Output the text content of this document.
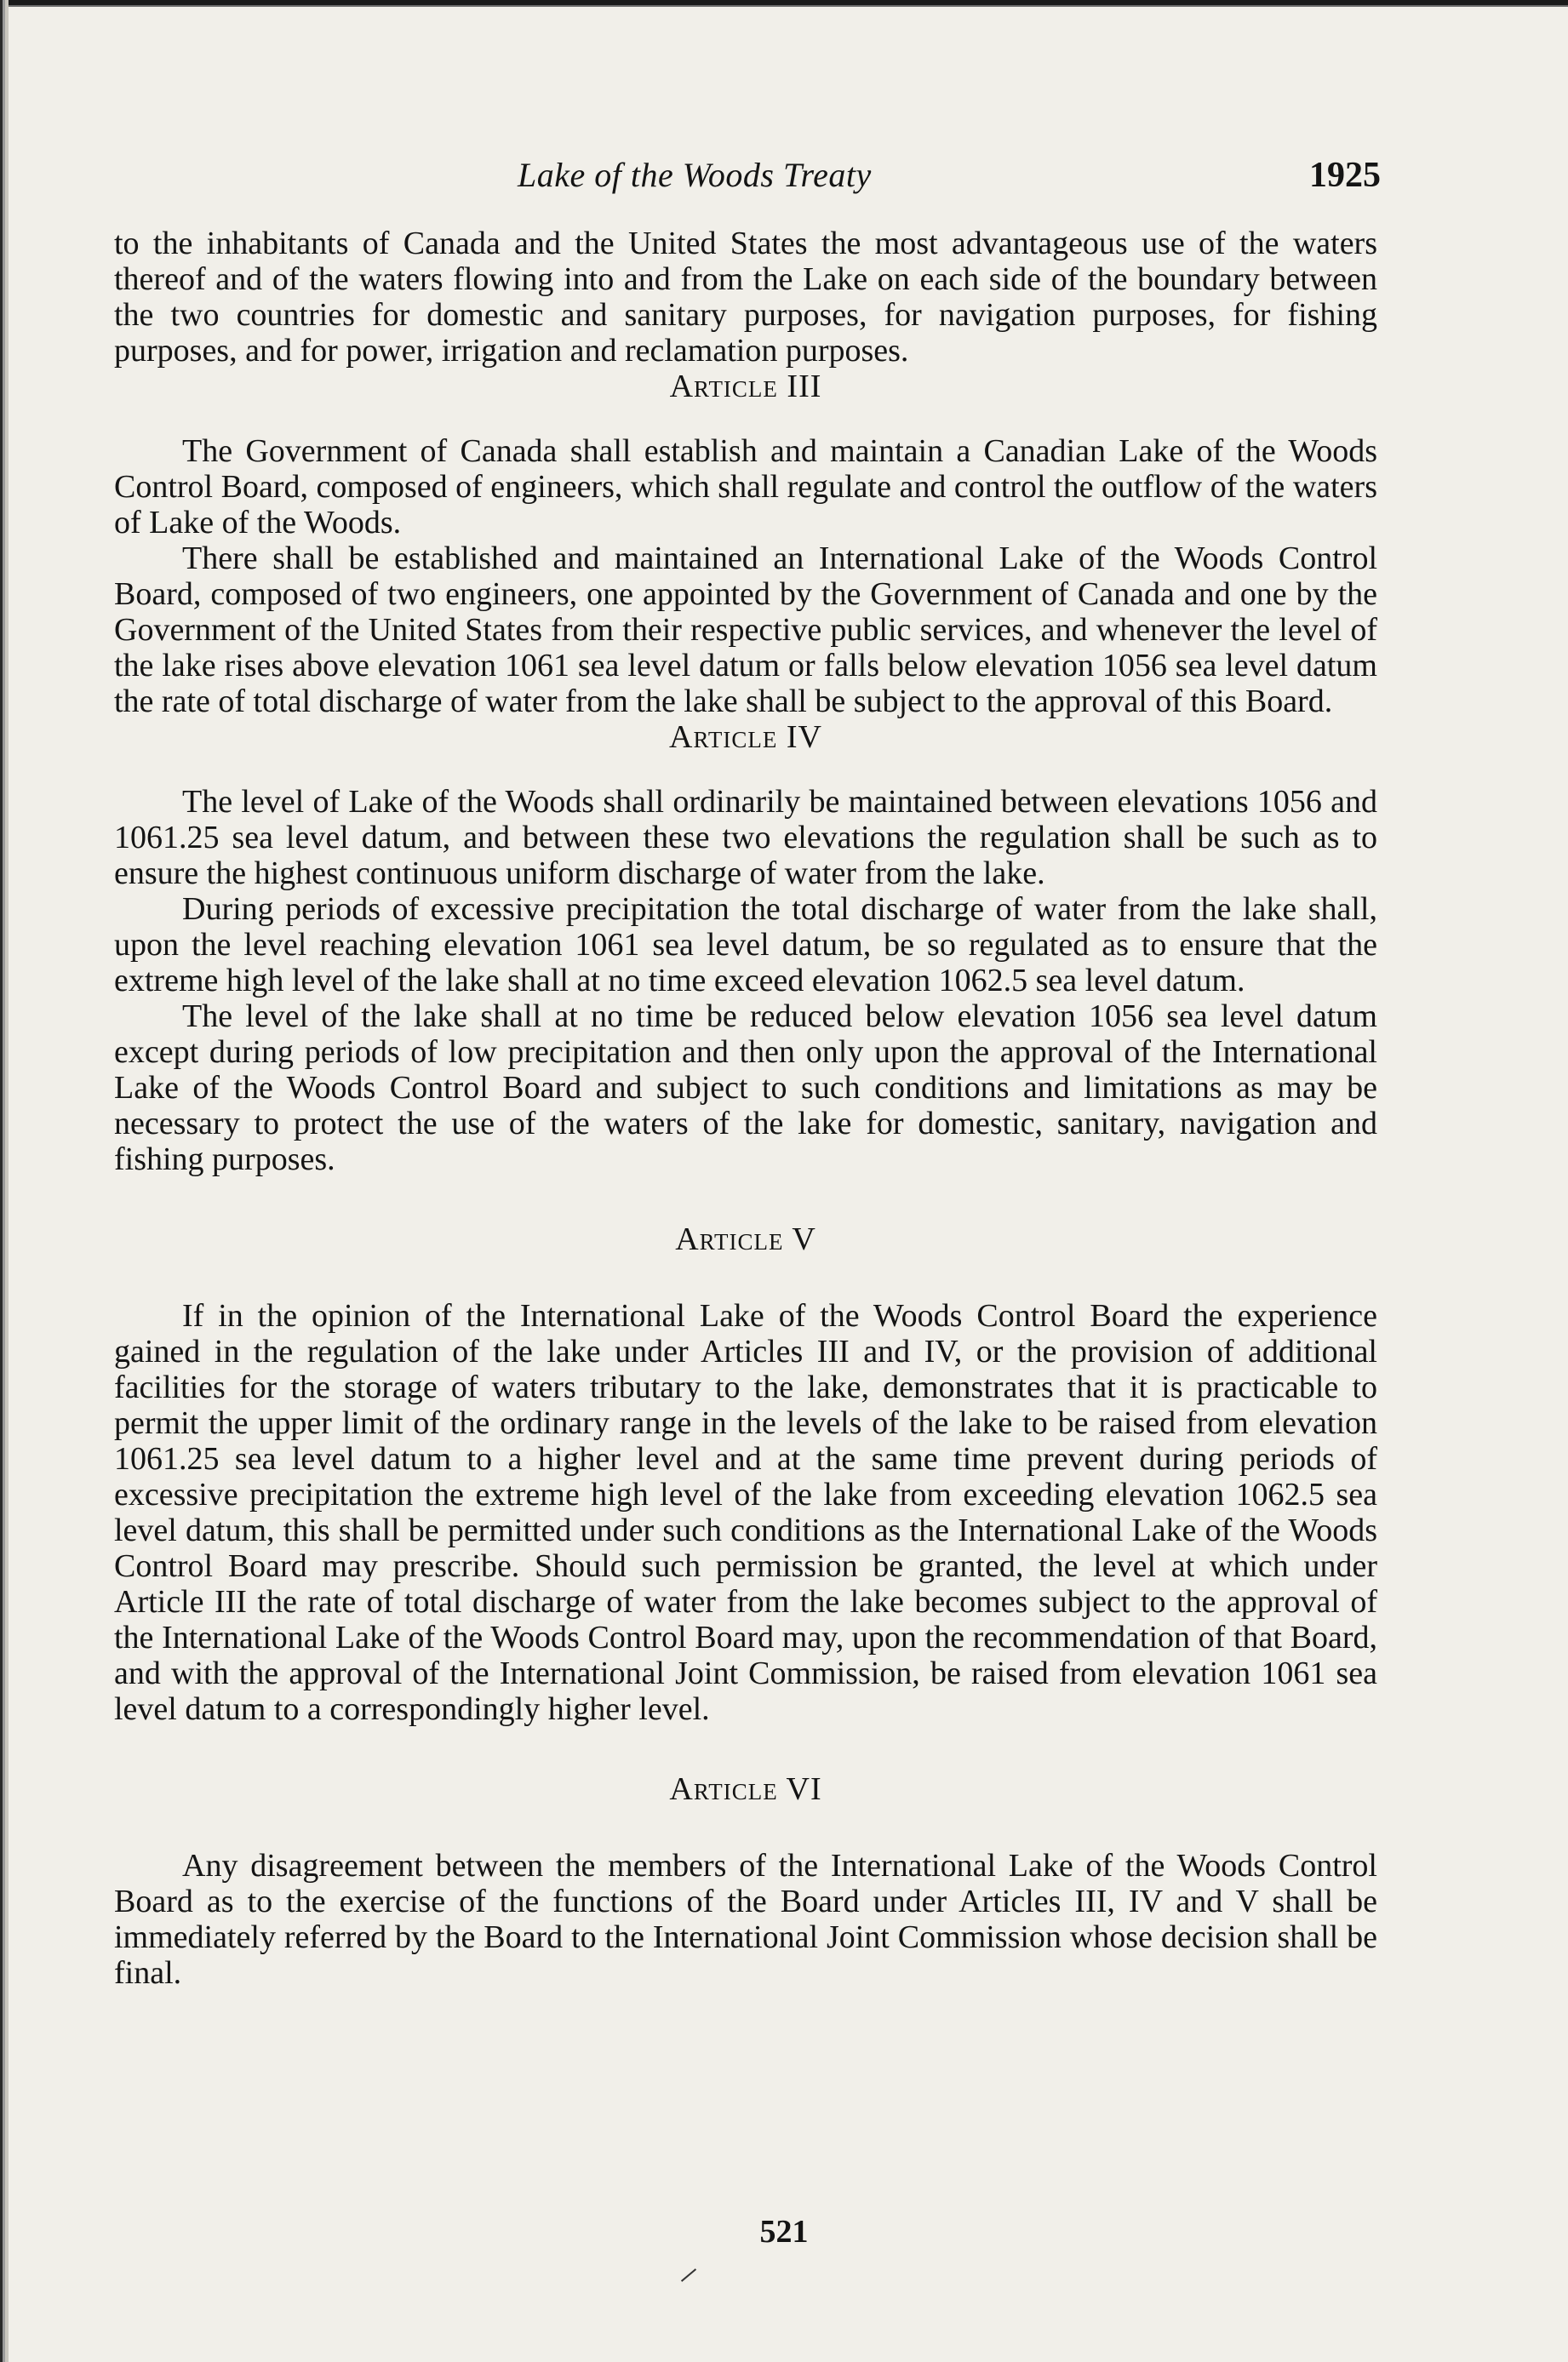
Lake of the Woods Treaty	1925

to the inhabitants of Canada and the United States the most advantageous use of the waters thereof and of the waters flowing into and from the Lake on each side of the boundary between the two countries for domestic and sanitary purposes, for navigation purposes, for fishing purposes, and for power, irrigation and reclamation purposes.

Article III

The Government of Canada shall establish and maintain a Canadian Lake of the Woods Control Board, composed of engineers, which shall regulate and control the outflow of the waters of Lake of the Woods.

There shall be established and maintained an International Lake of the Woods Control Board, composed of two engineers, one appointed by the Government of Canada and one by the Government of the United States from their respective public services, and whenever the level of the lake rises above elevation 1061 sea level datum or falls below elevation 1056 sea level datum the rate of total discharge of water from the lake shall be subject to the approval of this Board.

Article IV

The level of Lake of the Woods shall ordinarily be maintained between elevations 1056 and 1061.25 sea level datum, and between these two elevations the regulation shall be such as to ensure the highest continuous uniform discharge of water from the lake.

During periods of excessive precipitation the total discharge of water from the lake shall, upon the level reaching elevation 1061 sea level datum, be so regulated as to ensure that the extreme high level of the lake shall at no time exceed elevation 1062.5 sea level datum.

The level of the lake shall at no time be reduced below elevation 1056 sea level datum except during periods of low precipitation and then only upon the approval of the International Lake of the Woods Control Board and subject to such conditions and limitations as may be necessary to protect the use of the waters of the lake for domestic, sanitary, navigation and fishing purposes.

Article V

If in the opinion of the International Lake of the Woods Control Board the experience gained in the regulation of the lake under Articles III and IV, or the provision of additional facilities for the storage of waters tributary to the lake, demonstrates that it is practicable to permit the upper limit of the ordinary range in the levels of the lake to be raised from elevation 1061.25 sea level datum to a higher level and at the same time prevent during periods of excessive precipitation the extreme high level of the lake from exceeding elevation 1062.5 sea level datum, this shall be permitted under such conditions as the International Lake of the Woods Control Board may prescribe. Should such permission be granted, the level at which under Article III the rate of total discharge of water from the lake becomes subject to the approval of the International Lake of the Woods Control Board may, upon the recommendation of that Board, and with the approval of the International Joint Commission, be raised from elevation 1061 sea level datum to a correspondingly higher level.

Article VI

Any disagreement between the members of the International Lake of the Woods Control Board as to the exercise of the functions of the Board under Articles III, IV and V shall be immediately referred by the Board to the International Joint Commission whose decision shall be final.

521
